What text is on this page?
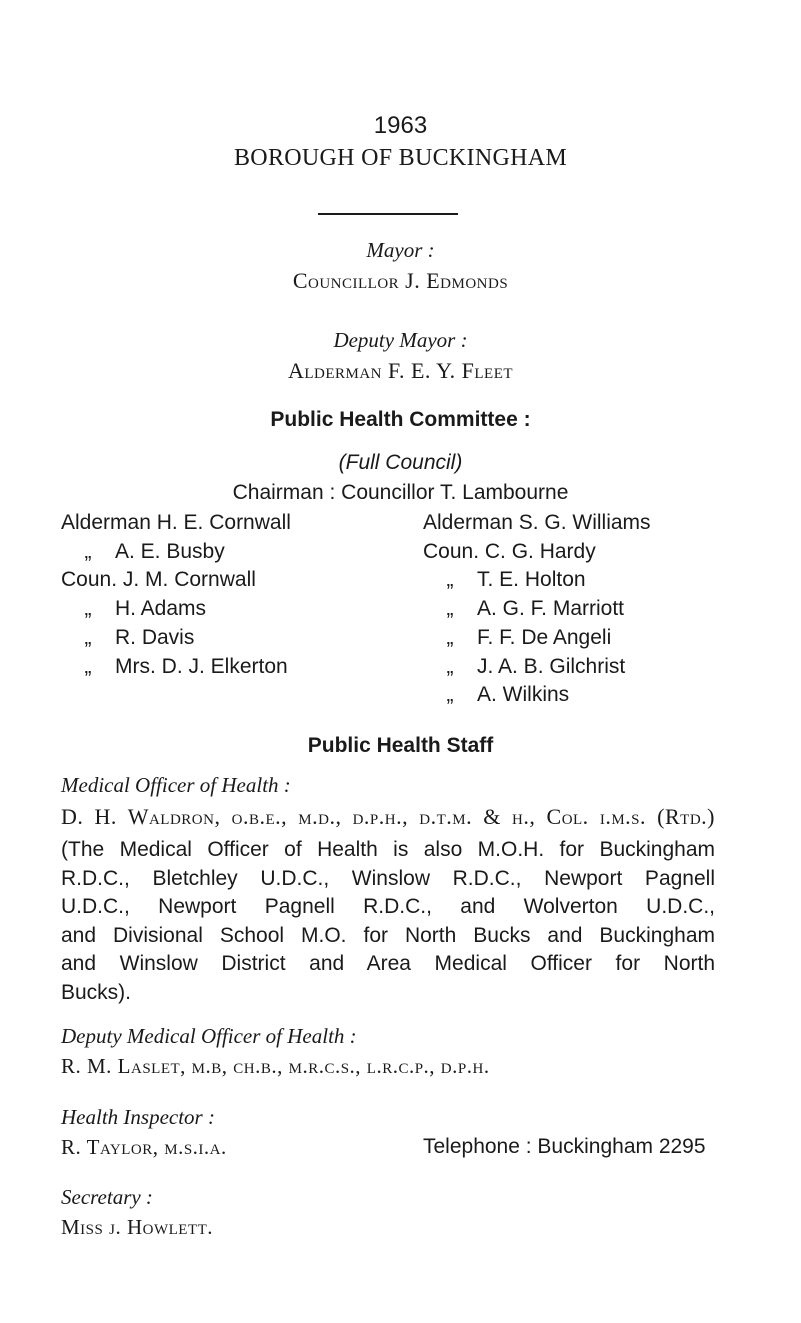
1963
BOROUGH OF BUCKINGHAM
Mayor :
Councillor J. Edmonds
Deputy Mayor :
Alderman F. E. Y. Fleet
Public Health Committee :
(Full Council)
Chairman : Councillor T. Lambourne
Alderman H. E. Cornwall
„	A. E. Busby
Coun. J. M. Cornwall
„	H. Adams
„	R. Davis
„	Mrs. D. J. Elkerton
Alderman S. G. Williams
Coun. C. G. Hardy
„	T. E. Holton
„	A. G. F. Marriott
„	F. F. De Angeli
„	J. A. B. Gilchrist
„	A. Wilkins
Public Health Staff
Medical Officer of Health :
D. H. Waldron, o.b.e., m.d., d.p.h., d.t.m. & h., Col. i.m.s. (Rtd.)
(The Medical Officer of Health is also M.O.H. for Buckingham
R.D.C., Bletchley U.D.C., Winslow R.D.C., Newport Pagnell
U.D.C., Newport Pagnell R.D.C., and Wolverton U.D.C.,
and Divisional School M.O. for North Bucks and Buckingham
and Winslow District and Area Medical Officer for North
Bucks).
Deputy Medical Officer of Health :
R. M. Laslet, m.b, ch.b., m.r.c.s., l.r.c.p., d.p.h.
Health Inspector :
R. Taylor, m.s.i.a.	Telephone : Buckingham 2295
Secretary :
Miss j. Howlett.
